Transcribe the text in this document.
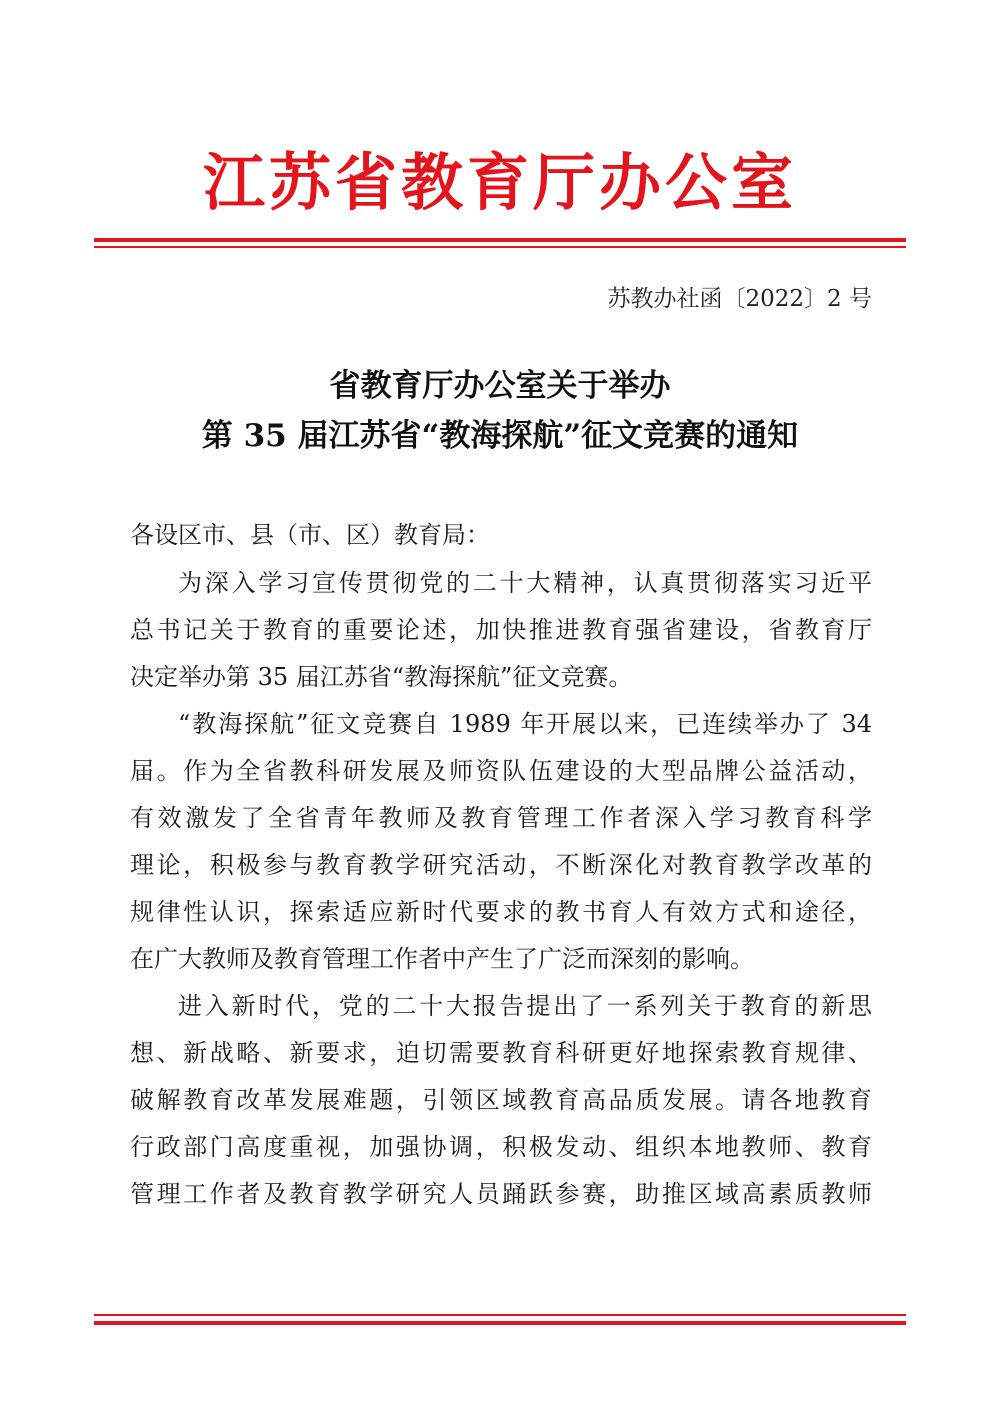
江苏省教育厅办公室
苏教办社函〔2022〕2 号
省教育厅办公室关于举办
第 35 届江苏省“教海探航”征文竞赛的通知
各设区市、县（市、区）教育局：
为深入学习宣传贯彻党的二十大精神，认真贯彻落实习近平
总书记关于教育的重要论述，加快推进教育强省建设，省教育厅
决定举办第 35 届江苏省“教海探航”征文竞赛。
“教海探航”征文竞赛自 1989 年开展以来，已连续举办了 34
届。作为全省教科研发展及师资队伍建设的大型品牌公益活动，
有效激发了全省青年教师及教育管理工作者深入学习教育科学
理论，积极参与教育教学研究活动，不断深化对教育教学改革的
规律性认识，探索适应新时代要求的教书育人有效方式和途径，
在广大教师及教育管理工作者中产生了广泛而深刻的影响。
进入新时代，党的二十大报告提出了一系列关于教育的新思
想、新战略、新要求，迫切需要教育科研更好地探索教育规律、
破解教育改革发展难题，引领区域教育高品质发展。请各地教育
行政部门高度重视，加强协调，积极发动、组织本地教师、教育
管理工作者及教育教学研究人员踊跃参赛，助推区域高素质教师
